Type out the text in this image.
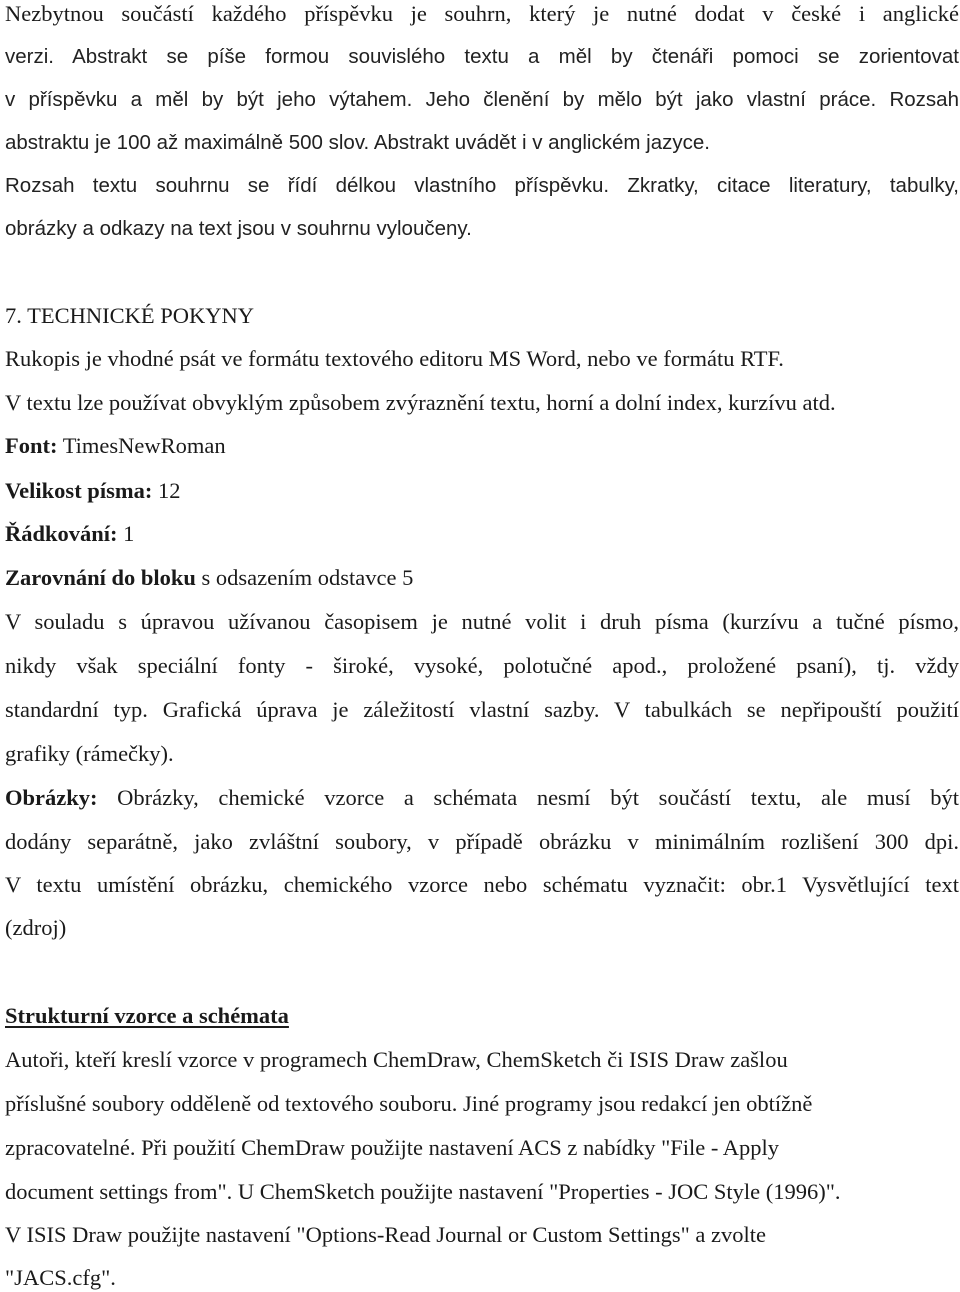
Nezbytnou součástí každého příspěvku je souhrn, který je nutné dodat v české i anglické
verzi. Abstrakt se píše formou souvislého textu a měl by čtenáři pomoci se zorientovat
v příspěvku a měl by být jeho výtahem. Jeho členění by mělo být jako vlastní práce. Rozsah
abstraktu je 100 až maximálně 500 slov. Abstrakt uvádět i v anglickém jazyce.
Rozsah textu souhrnu se řídí délkou vlastního příspěvku. Zkratky, citace literatury, tabulky,
obrázky a odkazy na text jsou v souhrnu vyloučeny.
7. TECHNICKÉ POKYNY
Rukopis je vhodné psát ve formátu textového editoru MS Word, nebo ve formátu RTF.
V textu lze používat obvyklým způsobem zvýraznění textu, horní a dolní index, kurzívu atd.
Font: TimesNewRoman
Velikost písma: 12
Řádkování: 1
Zarovnání do bloku s odsazením odstavce 5
V souladu s úpravou užívanou časopisem je nutné volit i druh písma (kurzívu a tučné písmo,
nikdy však speciální fonty - široké, vysoké, polotučné apod., proložené psaní), tj. vždy
standardní typ. Grafická úprava je záležitostí vlastní sazby. V tabulkách se nepřipouští použití
grafiky (rámečky).
Obrázky: Obrázky, chemické vzorce a schémata nesmí být součástí textu, ale musí být
dodány separátně, jako zvláštní soubory, v případě obrázku v minimálním rozlišení 300 dpi.
V textu umístění obrázku, chemického vzorce nebo schématu vyznačit: obr.1 Vysvětlující text
(zdroj)
Strukturní vzorce a schémata
Autoři, kteří kreslí vzorce v programech ChemDraw, ChemSketch či ISIS Draw zašlou
příslušné soubory odděleně od textového souboru. Jiné programy jsou redakcí jen obtížně
zpracovatelné. Při použití ChemDraw použijte nastavení ACS z nabídky "File - Apply
document settings from". U ChemSketch použijte nastavení "Properties - JOC Style (1996)".
V ISIS Draw použijte nastavení "Options-Read Journal or Custom Settings" a zvolte
"JACS.cfg".
